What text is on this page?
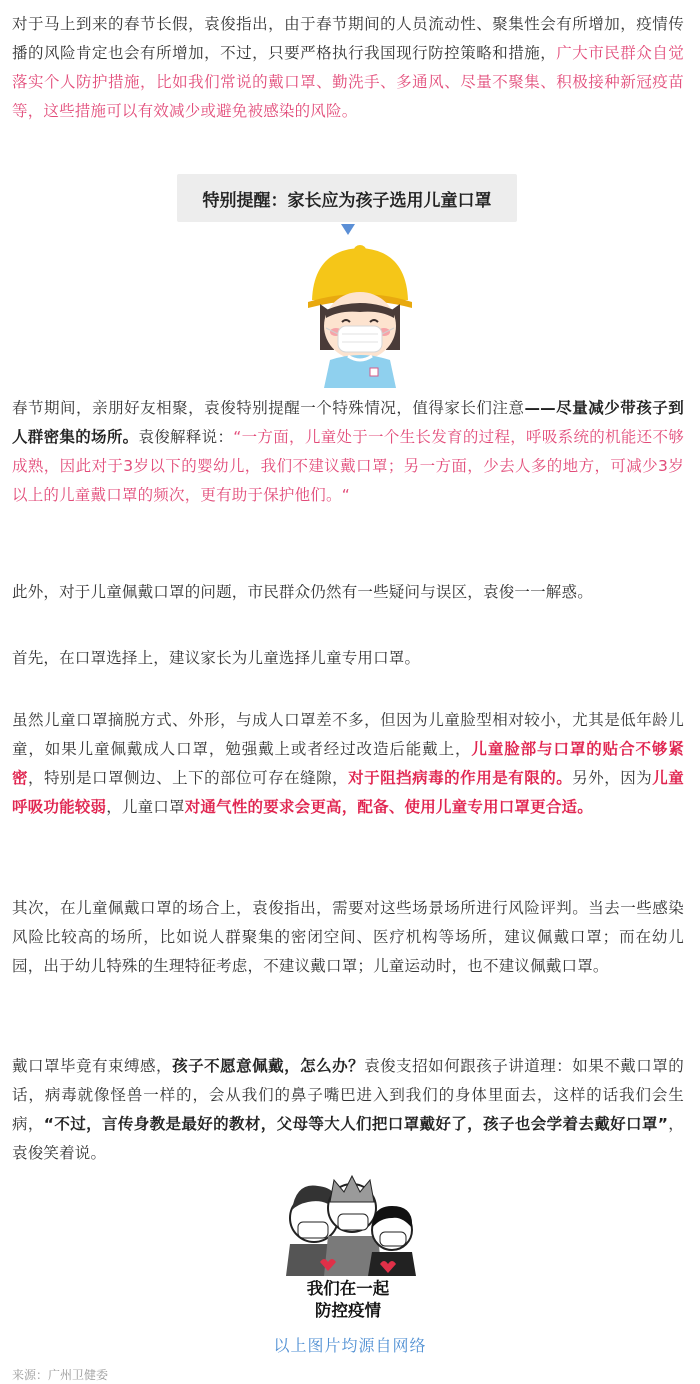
对于马上到来的春节长假，袁俊指出，由于春节期间的人员流动性、聚集性会有所增加，疫情传播的风险肯定也会有所增加，不过，只要严格执行我国现行防控策略和措施，广大市民群众自觉落实个人防护措施，比如我们常说的戴口罩、勤洗手、多通风、尽量不聚集、积极接种新冠疫苗等，这些措施可以有效减少或避免被感染的风险。

特别提醒：家长应为孩子选用儿童口罩

春节期间，亲朋好友相聚，袁俊特别提醒一个特殊情况，值得家长们注意——尽量减少带孩子到人群密集的场所。袁俊解释说：“一方面，儿童处于一个生长发育的过程，呼吸系统的机能还不够成熟，因此对于3岁以下的婴幼儿，我们不建议戴口罩；另一方面，少去人多的地方，可减少3岁以上的儿童戴口罩的频次，更有助于保护他们。“

此外，对于儿童佩戴口罩的问题，市民群众仍然有一些疑问与误区，袁俊一一解惑。

首先，在口罩选择上，建议家长为儿童选择儿童专用口罩。

虽然儿童口罩摘脱方式、外形，与成人口罩差不多，但因为儿童脸型相对较小，尤其是低年龄儿童，如果儿童佩戴成人口罩，勉强戴上或者经过改造后能戴上，儿童脸部与口罩的贴合不够紧密，特别是口罩侧边、上下的部位可存在缝隙，对于阻挡病毒的作用是有限的。另外，因为儿童呼吸功能较弱，儿童口罩对通气性的要求会更高，配备、使用儿童专用口罩更合适。

其次，在儿童佩戴口罩的场合上，袁俊指出，需要对这些场景场所进行风险评判。当去一些感染风险比较高的场所，比如说人群聚集的密闭空间、医疗机构等场所，建议佩戴口罩；而在幼儿园，出于幼儿特殊的生理特征考虑，不建议戴口罩；儿童运动时，也不建议佩戴口罩。

戴口罩毕竟有束缚感，孩子不愿意佩戴，怎么办？袁俊支招如何跟孩子讲道理：如果不戴口罩的话，病毒就像怪兽一样的，会从我们的鼻子嘴巴进入到我们的身体里面去，这样的话我们会生病，“不过，言传身教是最好的教材，父母等大人们把口罩戴好了，孩子也会学着去戴好口罩”，袁俊笑着说。

我们在一起
防控疫情
以上图片均源自网络
来源：广州卫健委
